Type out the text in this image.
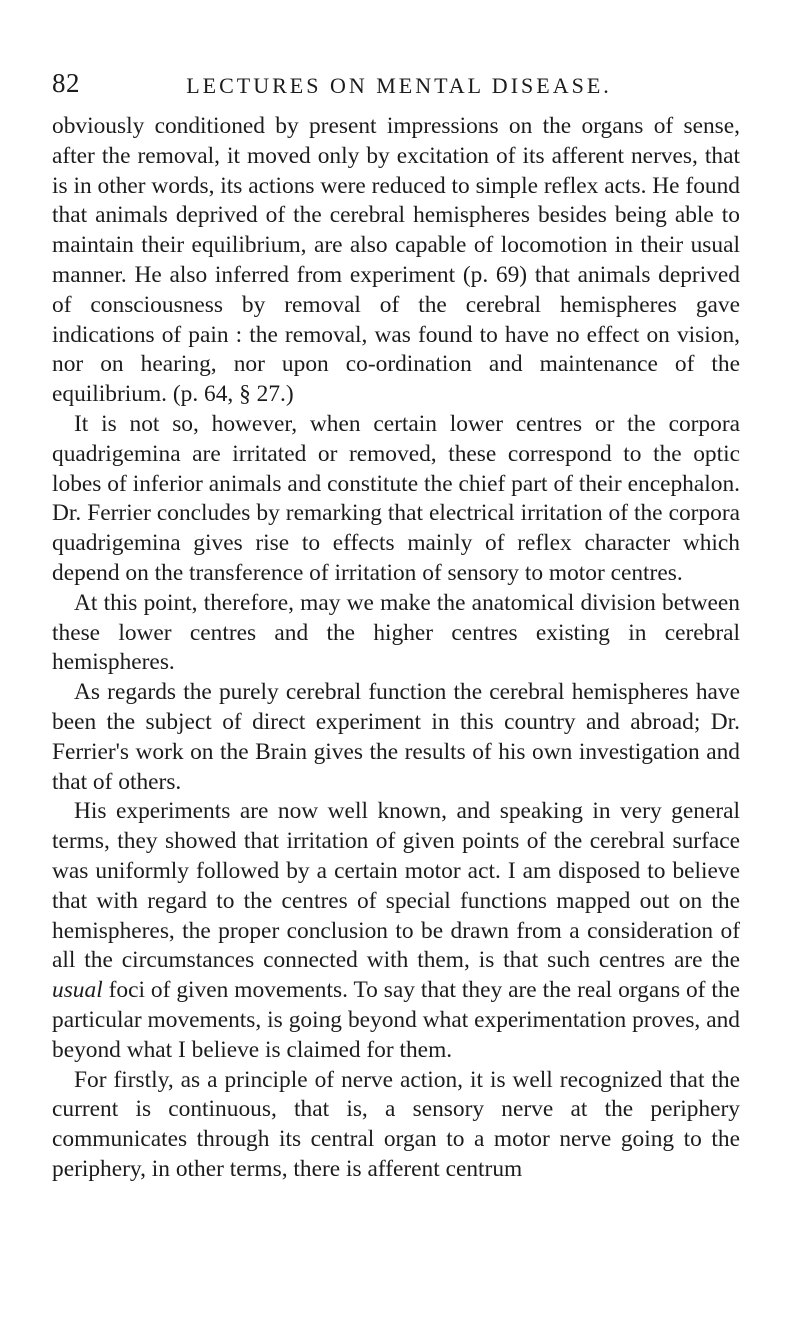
82	LECTURES ON MENTAL DISEASE.

obviously conditioned by present impressions on the organs of sense, after the removal, it moved only by excitation of its afferent nerves, that is in other words, its actions were reduced to simple reflex acts. He found that animals deprived of the cerebral hemispheres besides being able to maintain their equilibrium, are also capable of locomotion in their usual manner. He also inferred from experiment (p. 69) that animals deprived of consciousness by removal of the cerebral hemispheres gave indications of pain : the removal, was found to have no effect on vision, nor on hearing, nor upon co-ordination and maintenance of the equilibrium. (p. 64, § 27.)

It is not so, however, when certain lower centres or the corpora quadrigemina are irritated or removed, these correspond to the optic lobes of inferior animals and constitute the chief part of their encephalon. Dr. Ferrier concludes by remarking that electrical irritation of the corpora quadrigemina gives rise to effects mainly of reflex character which depend on the transference of irritation of sensory to motor centres.

At this point, therefore, may we make the anatomical division between these lower centres and the higher centres existing in cerebral hemispheres.

As regards the purely cerebral function the cerebral hemispheres have been the subject of direct experiment in this country and abroad; Dr. Ferrier's work on the Brain gives the results of his own investigation and that of others.

His experiments are now well known, and speaking in very general terms, they showed that irritation of given points of the cerebral surface was uniformly followed by a certain motor act. I am disposed to believe that with regard to the centres of special functions mapped out on the hemispheres, the proper conclusion to be drawn from a consideration of all the circumstances connected with them, is that such centres are the usual foci of given movements. To say that they are the real organs of the particular movements, is going beyond what experimentation proves, and beyond what I believe is claimed for them.

For firstly, as a principle of nerve action, it is well recognized that the current is continuous, that is, a sensory nerve at the periphery communicates through its central organ to a motor nerve going to the periphery, in other terms, there is afferent centrum
